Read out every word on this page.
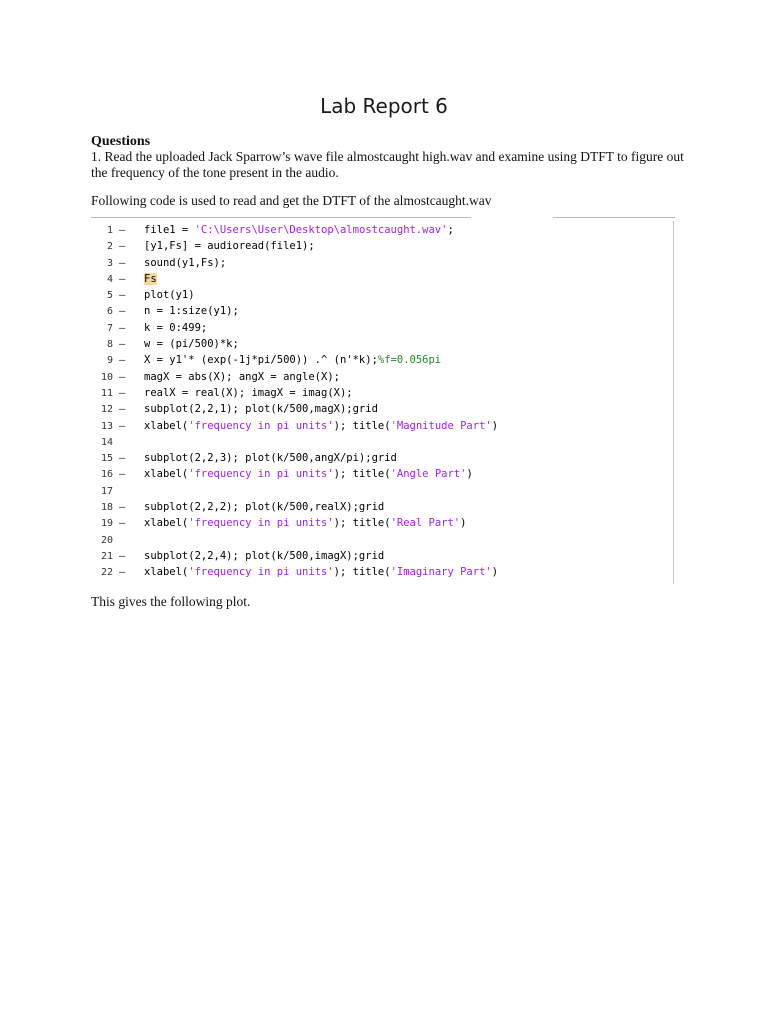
Lab Report 6
Questions

1. Read the uploaded Jack Sparrow’s wave file almostcaught high.wav and examine using DTFT to figure out the frequency of the tone present in the audio.

Following code is used to read and get the DTFT of the almostcaught.wav

1 – file1 = 'C:\Users\User\Desktop\almostcaught.wav';
2 – [y1,Fs] = audioread(file1);
3 – sound(y1,Fs);
4 – Fs
5 – plot(y1)
6 – n = 1:size(y1);
7 – k = 0:499;
8 – w = (pi/500)*k;
9 – X = y1'* (exp(-1j*pi/500)) .^ (n'*k);%f=0.056pi
10 – magX = abs(X); angX = angle(X);
11 – realX = real(X); imagX = imag(X);
12 – subplot(2,2,1); plot(k/500,magX);grid
13 – xlabel('frequency in pi units'); title('Magnitude Part')
14
15 – subplot(2,2,3); plot(k/500,angX/pi);grid
16 – xlabel('frequency in pi units'); title('Angle Part')
17
18 – subplot(2,2,2); plot(k/500,realX);grid
19 – xlabel('frequency in pi units'); title('Real Part')
20
21 – subplot(2,2,4); plot(k/500,imagX);grid
22 – xlabel('frequency in pi units'); title('Imaginary Part')

This gives the following plot.
